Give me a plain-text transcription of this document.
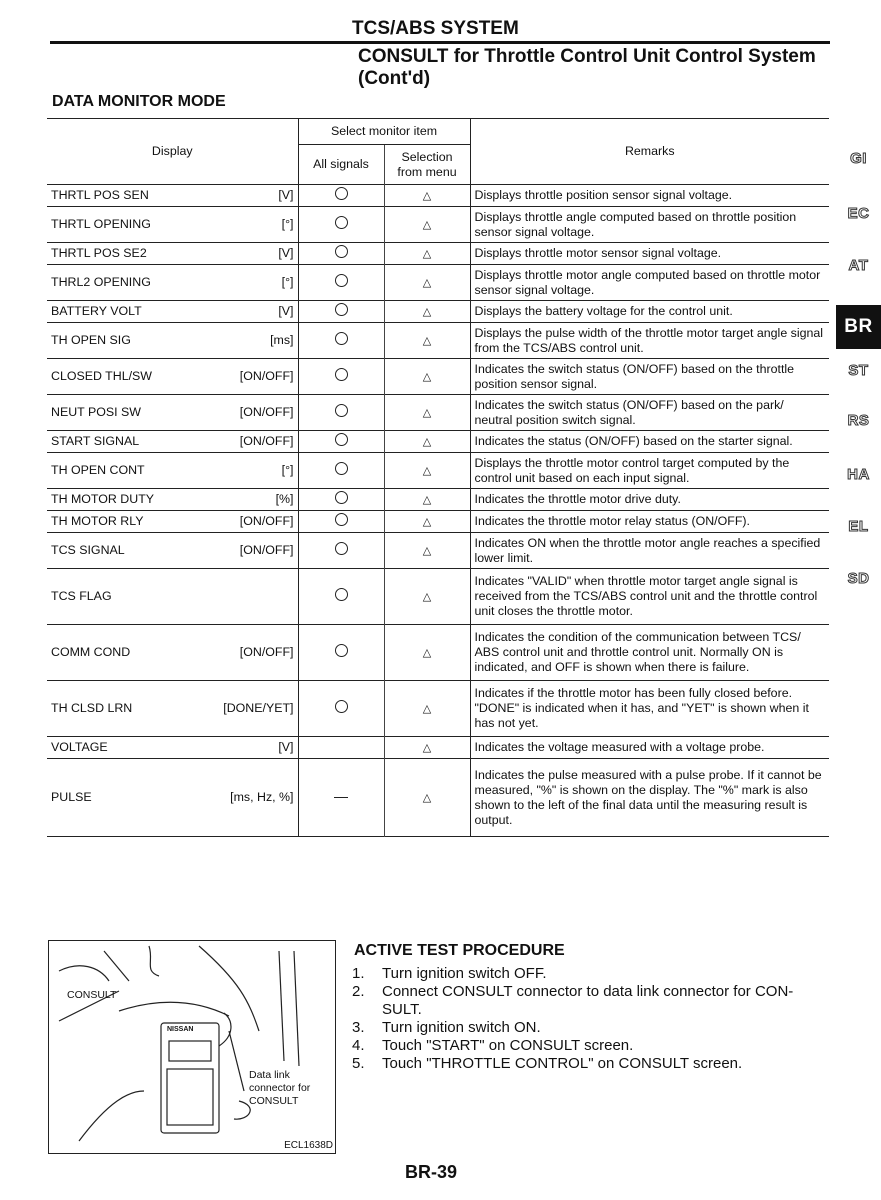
TCS/ABS SYSTEM
CONSULT for Throttle Control Unit Control System (Cont'd)
DATA MONITOR MODE
Display	Select monitor item		Remarks
	All signals	Selection from menu	

THRTL POS SEN [V]		△	Displays throttle position sensor signal voltage.

THRTL OPENING [°]		△	Displays throttle angle computed based on throttle position sensor signal voltage.

THRTL POS SE2 [V]		△	Displays throttle motor sensor signal voltage.

THRL2 OPENING [°]		△	Displays throttle motor angle computed based on throttle motor sensor signal voltage.

BATTERY VOLT [V]		△	Displays the battery voltage for the control unit.

TH OPEN SIG [ms]		△	Displays the pulse width of the throttle motor target angle signal from the TCS/ABS control unit.

CLOSED THL/SW [ON/OFF]		△	Indicates the switch status (ON/OFF) based on the throttle position sensor signal.

NEUT POSI SW [ON/OFF]		△	Indicates the switch status (ON/OFF) based on the park/ neutral position switch signal.

START SIGNAL [ON/OFF]		△	Indicates the status (ON/OFF) based on the starter signal.

TH OPEN CONT [°]		△	Displays the throttle motor control target computed by the control unit based on each input signal.

TH MOTOR DUTY [%]		△	Indicates the throttle motor drive duty.

TH MOTOR RLY [ON/OFF]		△	Indicates the throttle motor relay status (ON/OFF).

TCS SIGNAL [ON/OFF]		△	Indicates ON when the throttle motor angle reaches a specified lower limit.

TCS FLAG		△	Indicates "VALID" when throttle motor target angle signal is received from the TCS/ABS control unit and the throttle control unit closes the throttle motor.

COMM COND [ON/OFF]		△	Indicates the condition of the communication between TCS/ ABS control unit and throttle control unit. Normally ON is indicated, and OFF is shown when there is failure.

TH CLSD LRN [DONE/YET]		△	Indicates if the throttle motor has been fully closed before. "DONE" is indicated when it has, and "YET" is shown when it has not yet.

VOLTAGE [V]		△	Indicates the voltage measured with a voltage probe.

PULSE [ms, Hz, %]		△	Indicates the pulse measured with a pulse probe. If it cannot be measured, "%" is shown on the display. The "%" mark is also shown to the left of the final data until the measuring result is output.
GI
EC
AT
BR
ST
RS
HA
EL
SD
CONSULT
NISSAN
Data link connector for CONSULT
ECL1638D
ACTIVE TEST PROCEDURE
1.	Turn ignition switch OFF.
2.	Connect CONSULT connector to data link connector for CON- SULT.
3.	Turn ignition switch ON.
4.	Touch "START" on CONSULT screen.
5.	Touch "THROTTLE CONTROL" on CONSULT screen.
BR-39
